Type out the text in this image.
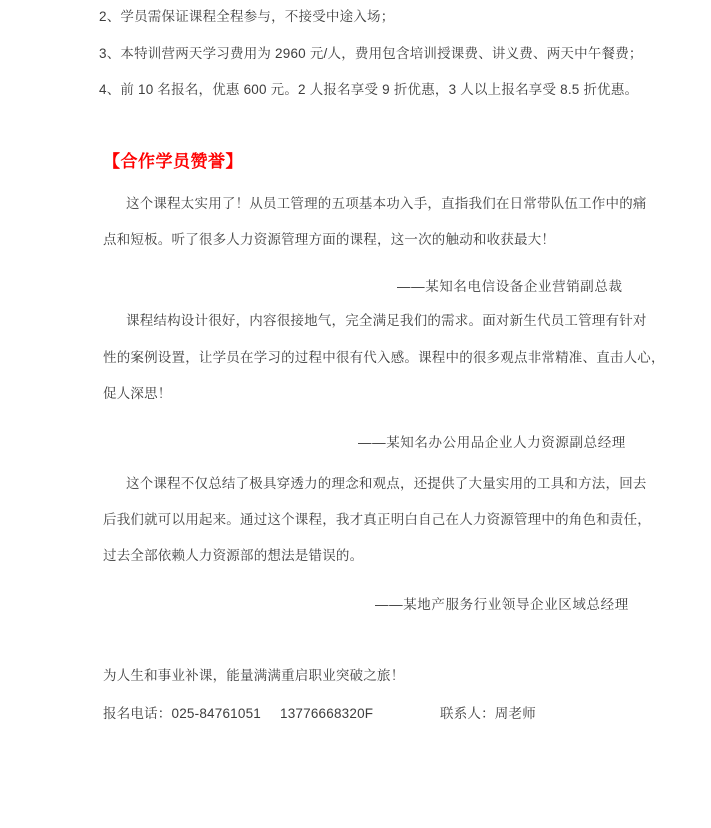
2、学员需保证课程全程参与，不接受中途入场；
3、本特训营两天学习费用为 2960 元/人，费用包含培训授课费、讲义费、两天中午餐费；
4、前 10 名报名，优惠 600 元。2 人报名享受 9 折优惠，3 人以上报名享受 8.5 折优惠。
【合作学员赞誉】
这个课程太实用了！从员工管理的五项基本功入手，直指我们在日常带队伍工作中的痛
点和短板。听了很多人力资源管理方面的课程，这一次的触动和收获最大！
——某知名电信设备企业营销副总裁
课程结构设计很好，内容很接地气，完全满足我们的需求。面对新生代员工管理有针对
性的案例设置，让学员在学习的过程中很有代入感。课程中的很多观点非常精准、直击人心，
促人深思！
——某知名办公用品企业人力资源副总经理
这个课程不仅总结了极具穿透力的理念和观点，还提供了大量实用的工具和方法，回去
后我们就可以用起来。通过这个课程，我才真正明白自己在人力资源管理中的角色和责任，
过去全部依赖人力资源部的想法是错误的。
——某地产服务行业领导企业区域总经理
为人生和事业补课，能量满满重启职业突破之旅！
报名电话：025-84761051 13776668320F	联系人：周老师
